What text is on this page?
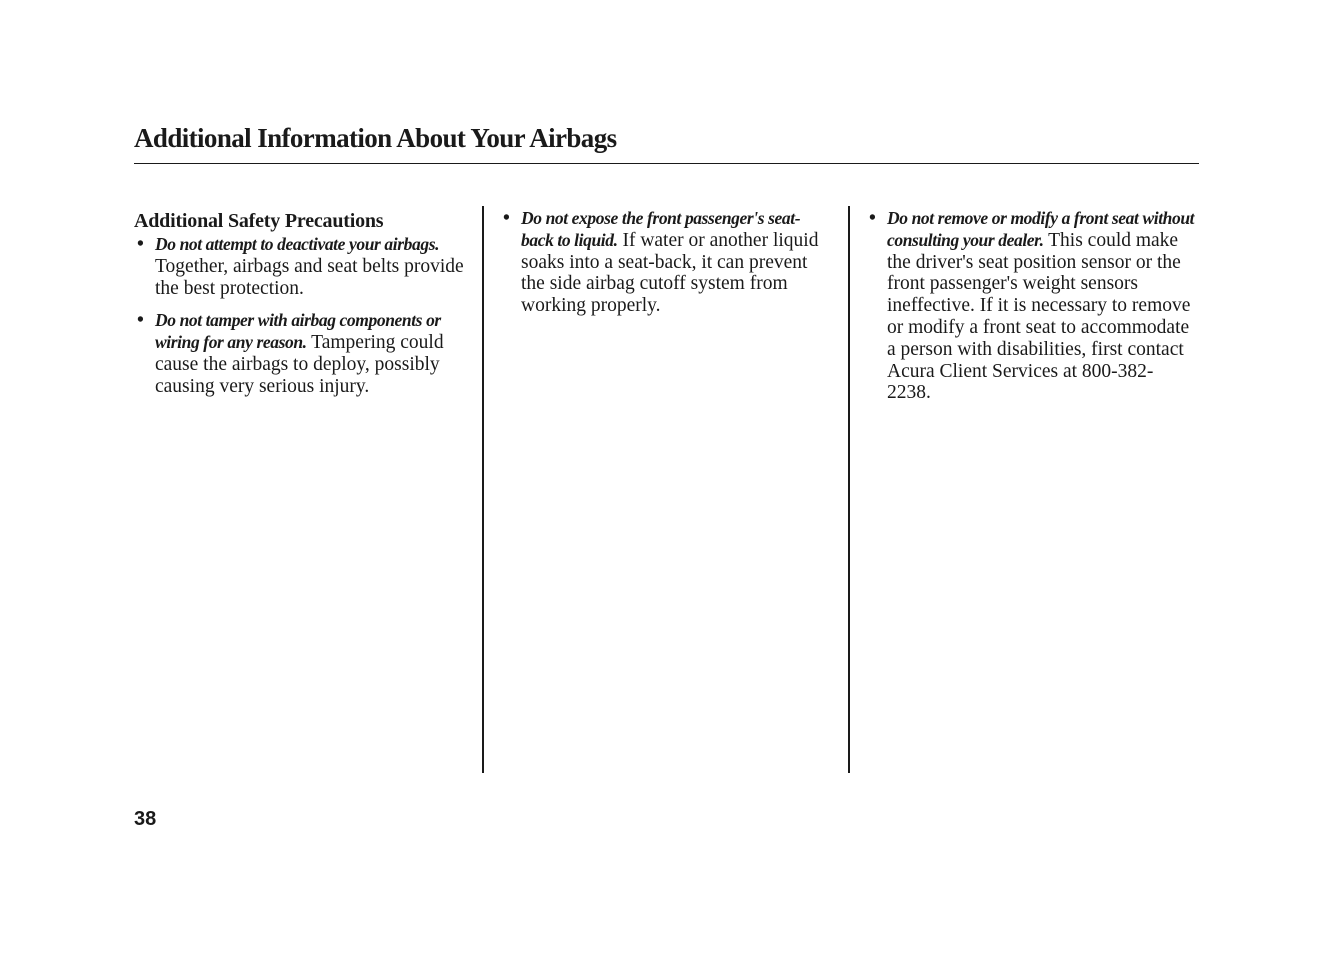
Additional Information About Your Airbags

Additional Safety Precautions

• Do not attempt to deactivate your airbags. Together, airbags and seat belts provide the best protection.

• Do not tamper with airbag components or wiring for any reason. Tampering could cause the airbags to deploy, possibly causing very serious injury.

• Do not expose the front passenger's seat-back to liquid. If water or another liquid soaks into a seat-back, it can prevent the side airbag cutoff system from working properly.

• Do not remove or modify a front seat without consulting your dealer. This could make the driver's seat position sensor or the front passenger's weight sensors ineffective. If it is necessary to remove or modify a front seat to accommodate a person with disabilities, first contact Acura Client Services at 800-382-2238.

38
